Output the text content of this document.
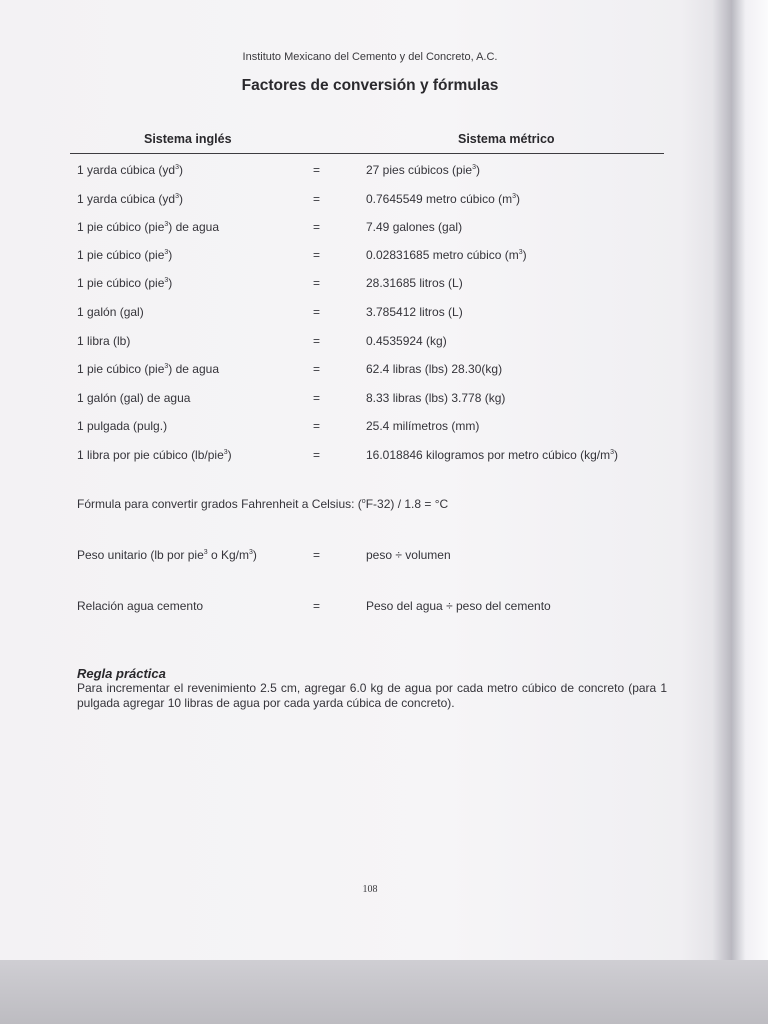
Instituto Mexicano del Cemento y del Concreto, A.C.
Factores de conversión y fórmulas
Sistema inglés	Sistema métrico
1 yarda cúbica $(yd^3)$	=	27 pies cúbicos (pie$^3$)
1 yarda cúbica $(yd^3)$	=	0.7645549 metro cúbico $(m^3)$
1 pie cúbico (pie$^3$) de agua	=	7.49 galones (gal)
1 pie cúbico (pie$^3$)	=	0.02831685 metro cúbico $(m^3)$
1 pie cúbico (pie$^3$)	=	28.31685 litros (L)
1 galón (gal)	=	3.785412 litros (L)
1 libra (lb)	=	0.4535924 (kg)
1 pie cúbico (pie$^3$) de agua	=	62.4 libras (lbs) 28.30(kg)
1 galón (gal) de agua	=	8.33 libras (lbs) 3.778 (kg)
1 pulgada (pulg.)	=	25.4 milímetros (mm)
1 libra por pie cúbico (lb/pie$^3$)	=	16.018846 kilogramos por metro cúbico $(kg/m^3)$
Fórmula para convertir grados Fahrenheit a Celsius: ($^o$F-32) / 1.8 = °C
Peso unitario (lb por pie$^3$ o $Kg/m^3$)	=	peso ÷ volumen
Relación agua cemento	=	Peso del agua ÷ peso del cemento
Regla práctica
Para incrementar el revenimiento 2.5 cm, agregar 6.0 kg de agua por cada metro cúbico de concreto (para 1 pulgada agregar 10 libras de agua por cada yarda cúbica de concreto).
108
